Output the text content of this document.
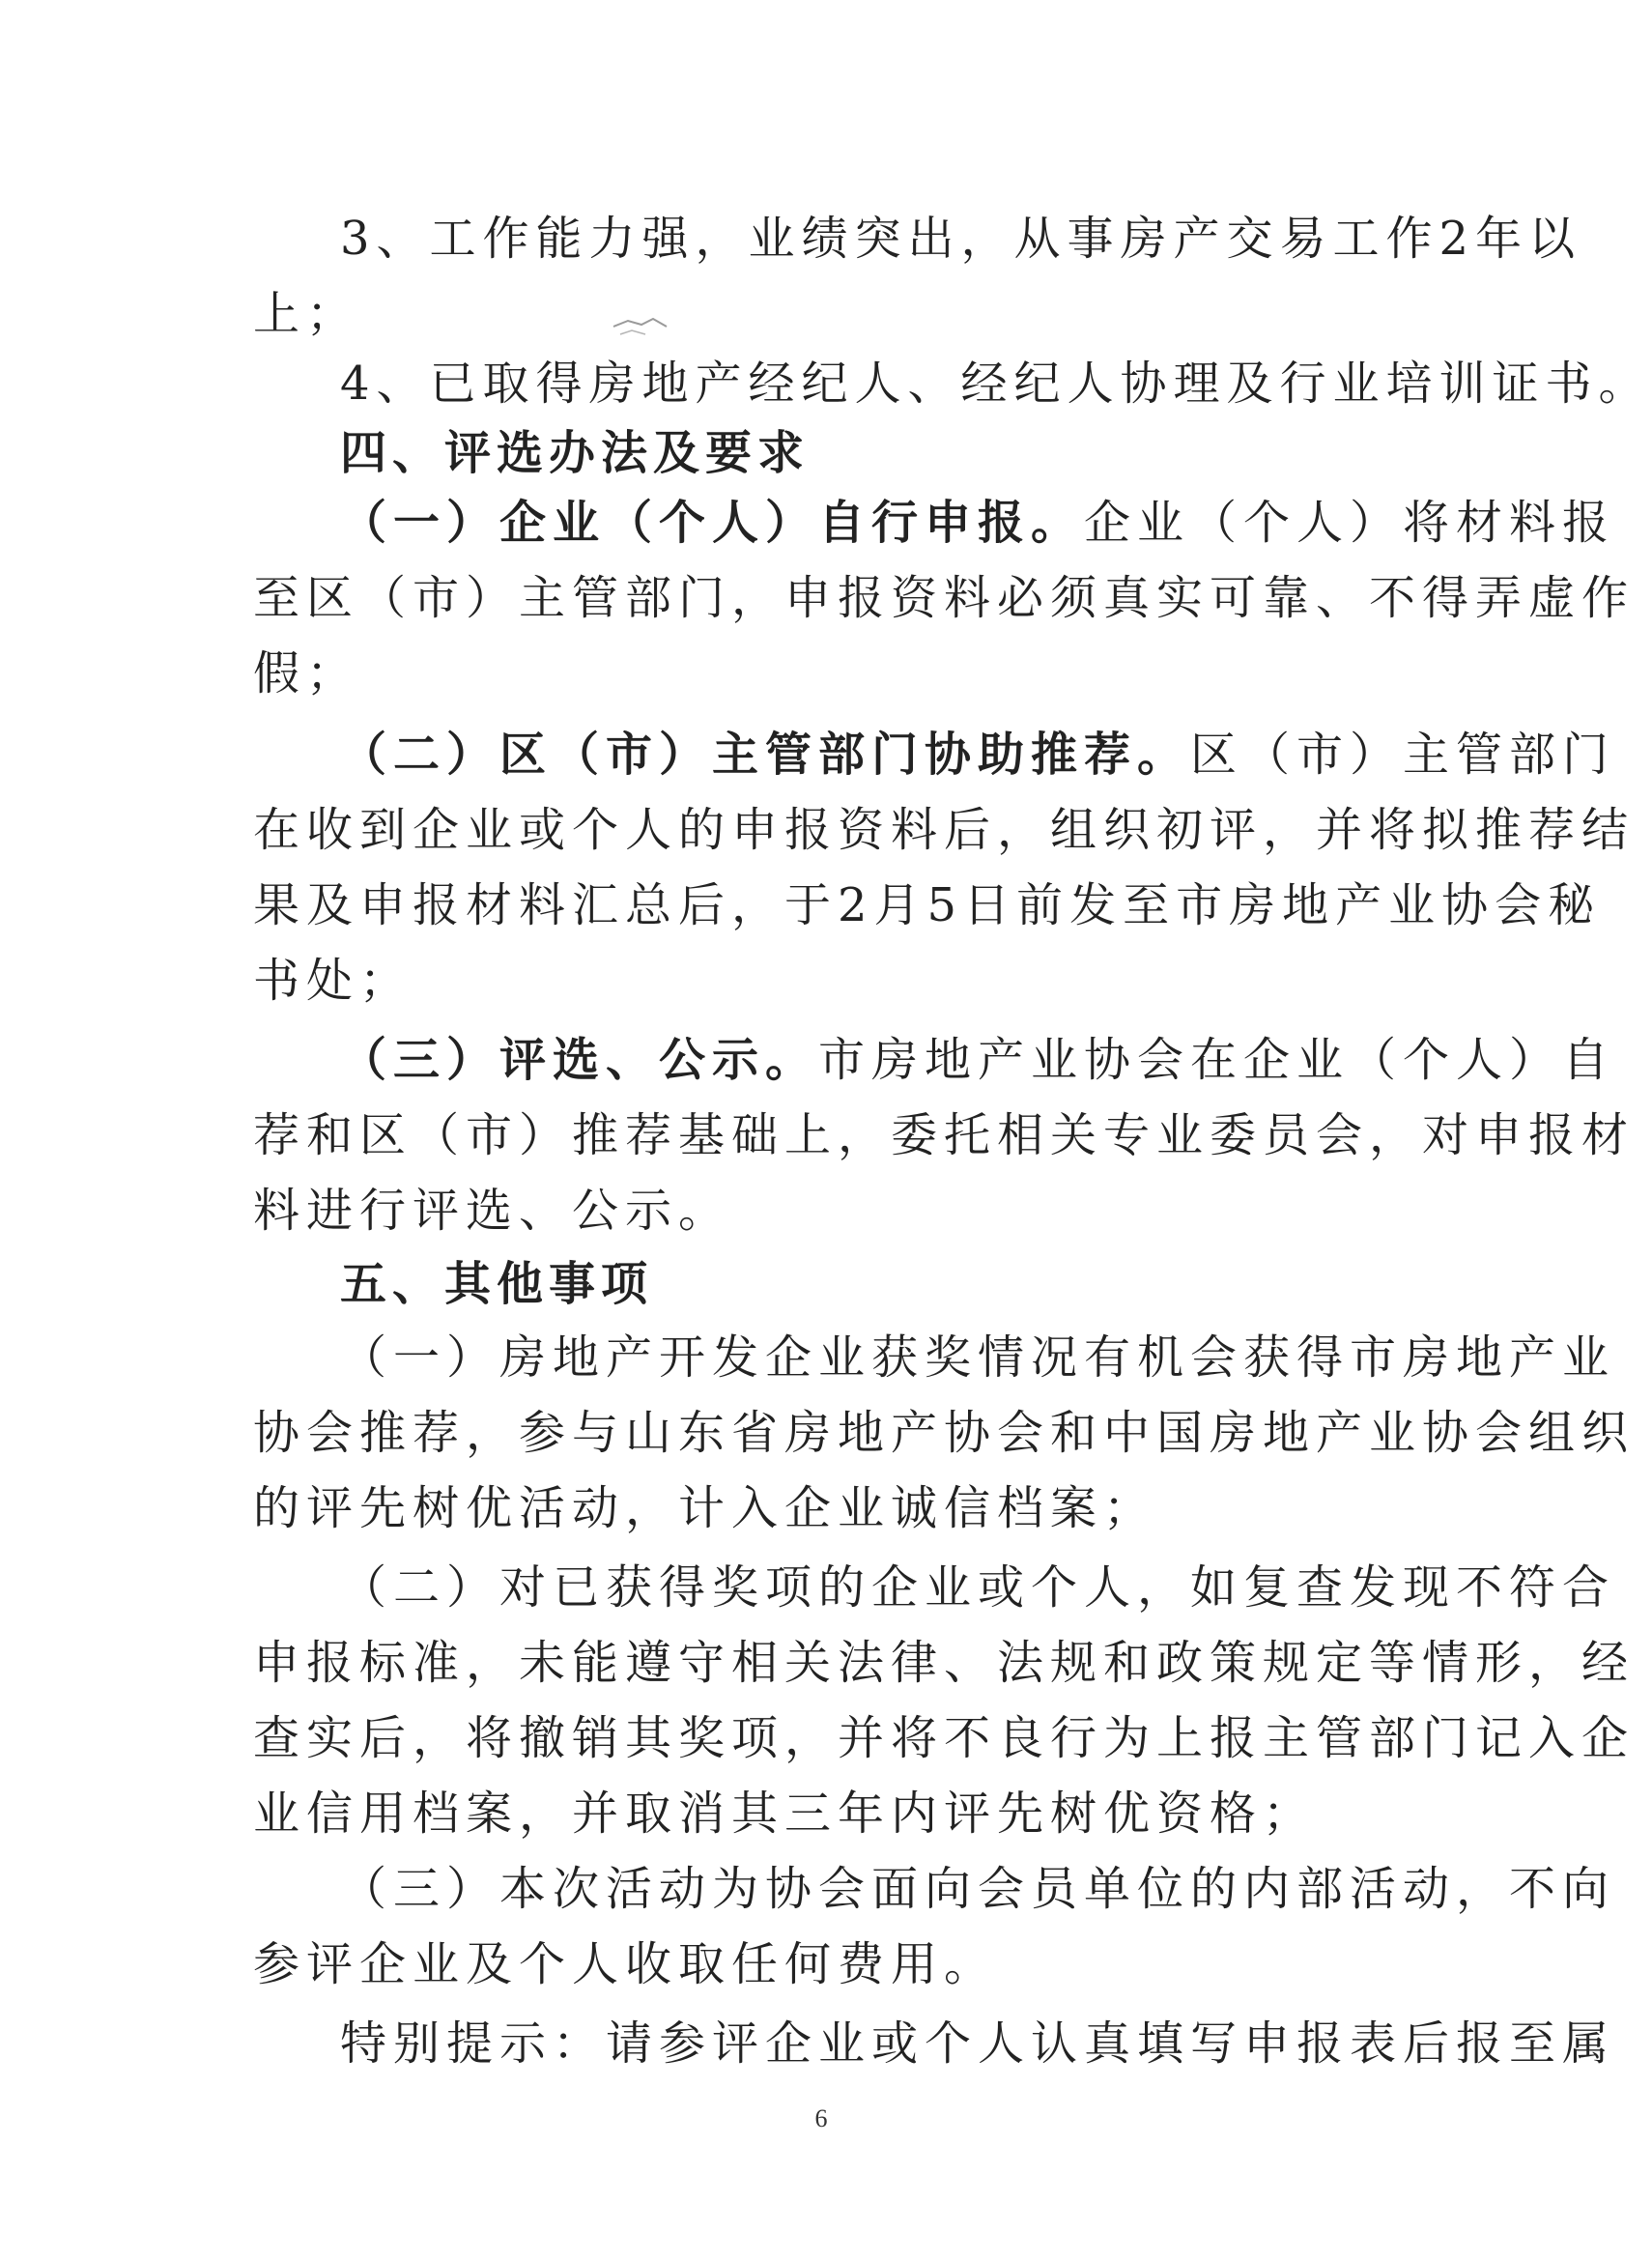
3、工作能力强，业绩突出，从事房产交易工作2年以
上；
4、已取得房地产经纪人、经纪人协理及行业培训证书。
四、评选办法及要求
（一）企业（个人）自行申报。企业（个人）将材料报
至区（市）主管部门，申报资料必须真实可靠、不得弄虚作
假；
（二）区（市）主管部门协助推荐。区（市）主管部门
在收到企业或个人的申报资料后，组织初评，并将拟推荐结
果及申报材料汇总后，于2月5日前发至市房地产业协会秘
书处；
（三）评选、公示。市房地产业协会在企业（个人）自
荐和区（市）推荐基础上，委托相关专业委员会，对申报材
料进行评选、公示。
五、其他事项
（一）房地产开发企业获奖情况有机会获得市房地产业
协会推荐，参与山东省房地产协会和中国房地产业协会组织
的评先树优活动，计入企业诚信档案；
（二）对已获得奖项的企业或个人，如复查发现不符合
申报标准，未能遵守相关法律、法规和政策规定等情形，经
查实后，将撤销其奖项，并将不良行为上报主管部门记入企
业信用档案，并取消其三年内评先树优资格；
（三）本次活动为协会面向会员单位的内部活动，不向
参评企业及个人收取任何费用。
特别提示：请参评企业或个人认真填写申报表后报至属
6
